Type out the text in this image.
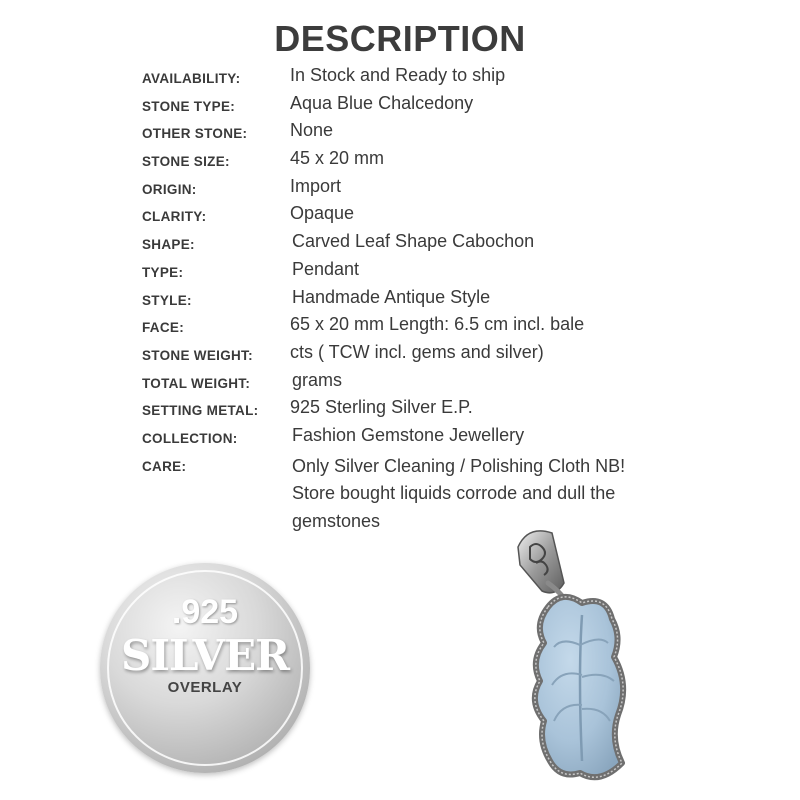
DESCRIPTION
AVAILABILITY:	In Stock and Ready to ship
STONE TYPE:	Aqua Blue Chalcedony
OTHER STONE: None
STONE SIZE:	45 x 20 mm
ORIGIN:	Import
CLARITY:	Opaque
SHAPE:	Carved Leaf Shape Cabochon
TYPE:	Pendant
STYLE:	Handmade Antique Style
FACE:	65 x 20 mm Length: 6.5 cm incl. bale
STONE WEIGHT: cts ( TCW incl. gems and silver)
TOTAL WEIGHT: grams
SETTING METAL: 925 Sterling Silver E.P.
COLLECTION:	Fashion Gemstone Jewellery
CARE:	Only Silver Cleaning / Polishing Cloth NB! Store bought liquids corrode and dull the gemstones
.925
SILVER
OVERLAY
